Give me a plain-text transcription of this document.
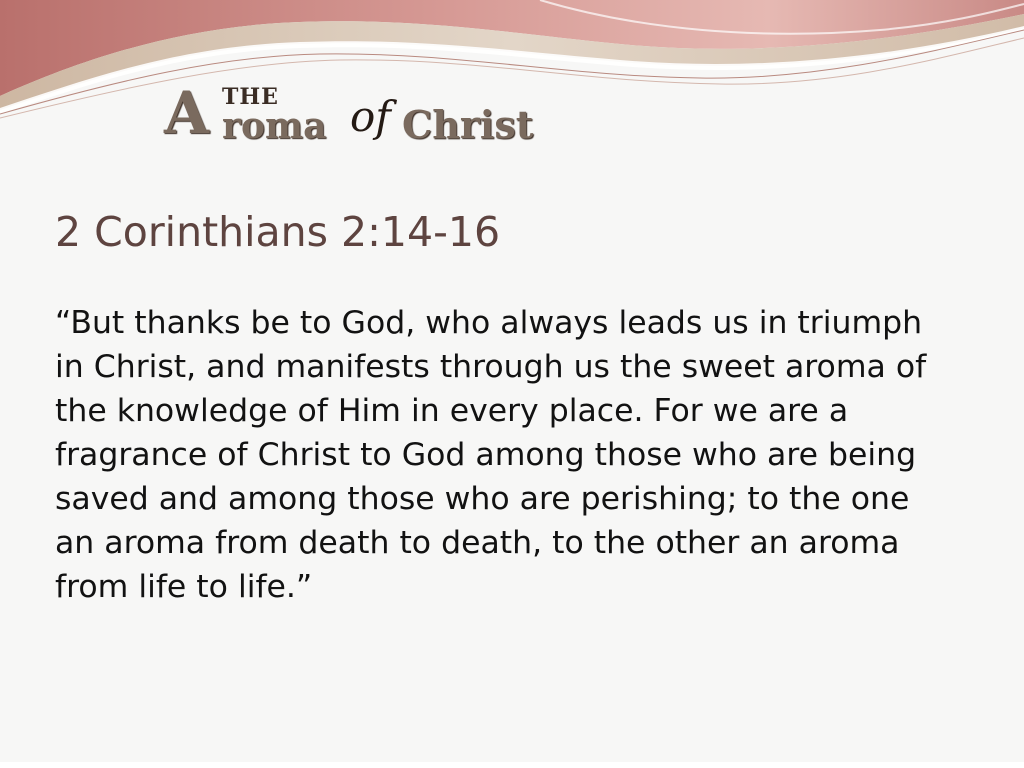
A THE
roma of Christ
2 Corinthians 2:14-16

“But thanks be to God, who always leads us in triumph in Christ, and manifests through us the sweet aroma of the knowledge of Him in every place. For we are a fragrance of Christ to God among those who are being saved and among those who are perishing; to the one an aroma from death to death, to the other an aroma from life to life.”
